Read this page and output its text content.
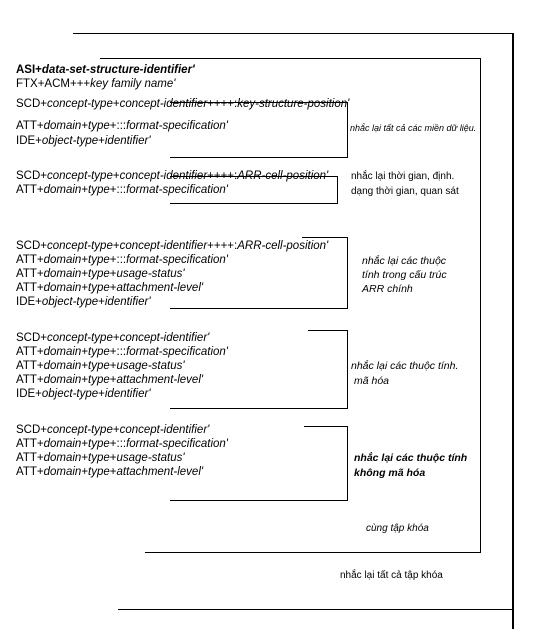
ASI+data-set-structure-identifier'
FTX+ACM+++key family name'
SCD+concept-type+concept-identifier++++:key-structure-position'
ATT+domain+type+:::format-specification'
IDE+object-type+identifier'
SCD+concept-type+concept-identifier++++:ARR-cell-position'
ATT+domain+type+:::format-specification'
SCD+concept-type+concept-identifier++++:ARR-cell-position'
ATT+domain+type+:::format-specification'
ATT+domain+type+usage-status'
ATT+domain+type+attachment-level'
IDE+object-type+identifier'
SCD+concept-type+concept-identifier'
ATT+domain+type+:::format-specification'
ATT+domain+type+usage-status'
ATT+domain+type+attachment-level'
IDE+object-type+identifier'
SCD+concept-type+concept-identifier'
ATT+domain+type+:::format-specification'
ATT+domain+type+usage-status'
ATT+domain+type+attachment-level'
nhắc lại tất cả các miền dữ liệu.
nhắc lại thời gian, định.
dạng thời gian, quan sát
nhắc lại các thuộc
tính trong cấu trúc
ARR chính
nhắc lại các thuộc tính.
mã hóa
nhắc lại các thuộc tính
không mã hóa
cùng tập khóa
nhắc lại tất cả tập khóa
